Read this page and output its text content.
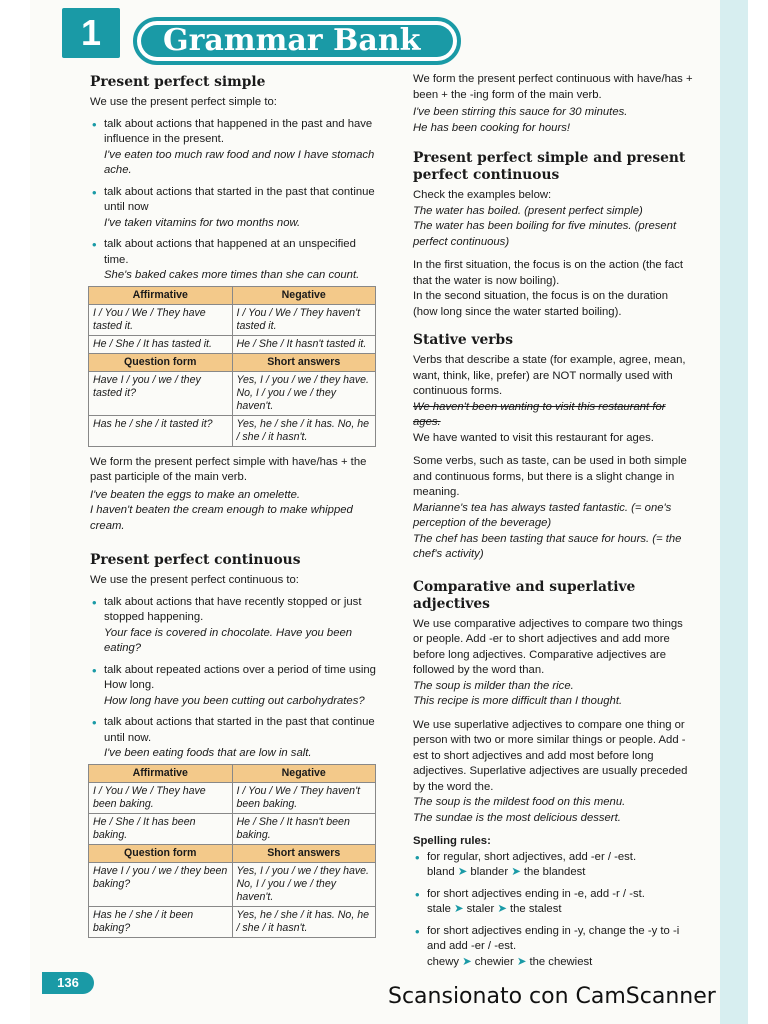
1	Grammar Bank
Present perfect simple

We use the present perfect simple to:

• talk about actions that happened in the past and have influence in the present.
I've eaten too much raw food and now I have stomach ache.
• talk about actions that started in the past that continue until now
I've taken vitamins for two months now.
• talk about actions that happened at an unspecified time.
She's baked cakes more times than she can count.
Affirmative	Negative
I / You / We / They have tasted it.	I / You / We / They haven't tasted it.
He / She / It has tasted it.	He / She / It hasn't tasted it.
Question form	Short answers
Have I / you / we / they tasted it?	Yes, I / you / we / they have. No, I / you / we / they haven't.
Has he / she / it tasted it?	Yes, he / she / it has. No, he / she / it hasn't.

We form the present perfect simple with have/has + the past participle of the main verb.

I've beaten the eggs to make an omelette.
I haven't beaten the cream enough to make whipped cream.
Present perfect continuous

We use the present perfect continuous to:

• talk about actions that have recently stopped or just stopped happening.
Your face is covered in chocolate. Have you been eating?
• talk about repeated actions over a period of time using How long.
How long have you been cutting out carbohydrates?
• talk about actions that started in the past that continue until now.
I've been eating foods that are low in salt.
Affirmative	Negative
I / You / We / They have been baking.	I / You / We / They haven't been baking.
He / She / It has been baking.	He / She / It hasn't been baking.
Question form	Short answers
Have I / you / we / they been baking?	Yes, I / you / we / they have. No, I / you / we / they haven't.
Has he / she / it been baking?	Yes, he / she / it has. No, he / she / it hasn't.

We form the present perfect continuous with have/has + been + the -ing form of the main verb.

I've been stirring this sauce for 30 minutes.
He has been cooking for hours!
Present perfect simple and present perfect continuous
Check the examples below:
The water has boiled. (present perfect simple)
The water has been boiling for five minutes. (present perfect continuous)
In the first situation, the focus is on the action (the fact that the water is now boiling).
In the second situation, the focus is on the duration (how long since the water started boiling).
Stative verbs
Verbs that describe a state (for example, agree, mean, want, think, like, prefer) are NOT normally used with continuous forms.
We haven't been wanting to visit this restaurant for ages.
We have wanted to visit this restaurant for ages.
Some verbs, such as taste, can be used in both simple and continuous forms, but there is a slight change in meaning.
Marianne's tea has always tasted fantastic. (= one's perception of the beverage)
The chef has been tasting that sauce for hours. (= the chef's activity)
Comparative and superlative adjectives
We use comparative adjectives to compare two things or people. Add -er to short adjectives and add more before long adjectives. Comparative adjectives are followed by the word than.
The soup is milder than the rice.
This recipe is more difficult than I thought.
We use superlative adjectives to compare one thing or person with two or more similar things or people. Add -est to short adjectives and add most before long adjectives. Superlative adjectives are usually preceded by the word the.
The soup is the mildest food on this menu.
The sundae is the most delicious dessert.
Spelling rules:
• for regular, short adjectives, add -er / -est.
bland ➤ blander ➤ the blandest
• for short adjectives ending in -e, add -r / -st.
stale ➤ staler ➤ the stalest
• for short adjectives ending in -y, change the -y to -i and add -er / -est.
chewy ➤ chewier ➤ the chewiest
136
Scansionato con CamScanner
